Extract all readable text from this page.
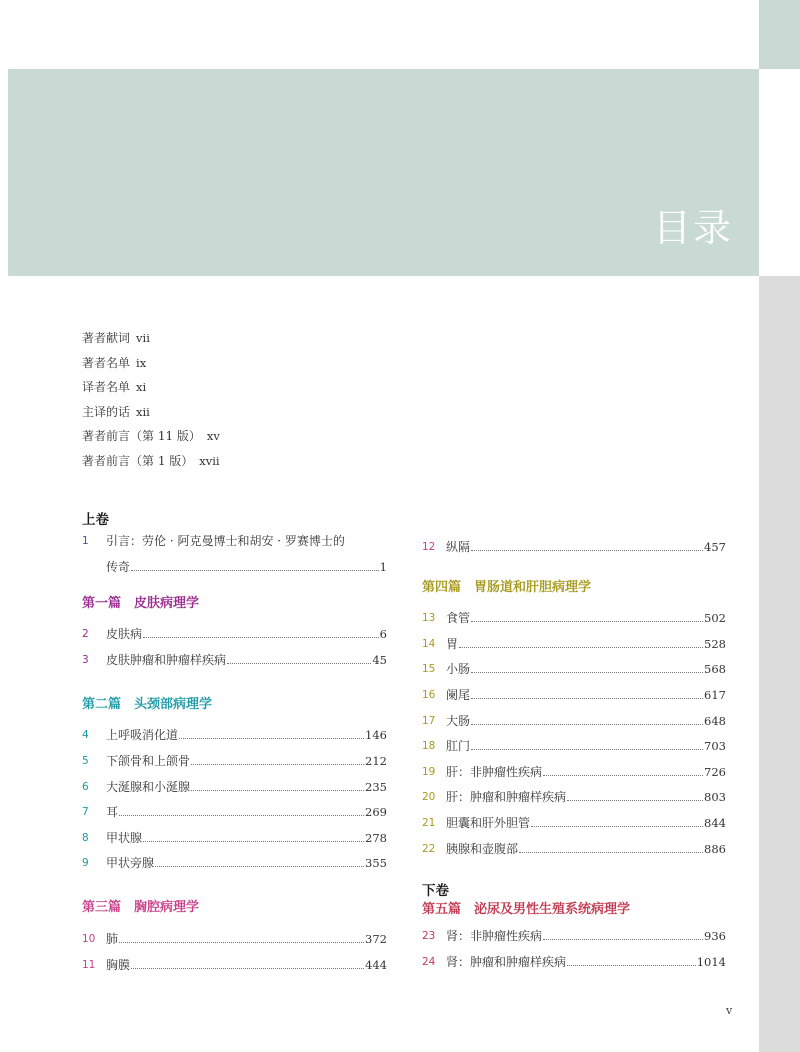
目录
著者献词 vii
著者名单 ix
译者名单 xi
主译的话 xii
著者前言（第 11 版） xv
著者前言（第 1 版） xvii
上卷
1	引言：劳伦 · 阿克曼博士和胡安 · 罗赛博士的
传奇	1
第一篇　皮肤病理学
2	皮肤病	6
3	皮肤肿瘤和肿瘤样疾病	45
第二篇　头颈部病理学
4	上呼吸消化道	146
5	下颌骨和上颌骨	212
6	大涎腺和小涎腺	235
7	耳	269
8	甲状腺	278
9	甲状旁腺	355
第三篇　胸腔病理学
10 肺	372
11 胸膜	444
12 纵隔	457
第四篇　胃肠道和肝胆病理学
13 食管	502
14 胃	528
15 小肠	568
16 阑尾	617
17 大肠	648
18 肛门	703
19 肝：非肿瘤性疾病	726
20 肝：肿瘤和肿瘤样疾病	803
21 胆囊和肝外胆管	844
22 胰腺和壶腹部	886
下卷
第五篇　泌尿及男性生殖系统病理学
23 肾：非肿瘤性疾病	936
24 肾：肿瘤和肿瘤样疾病	1014
v
